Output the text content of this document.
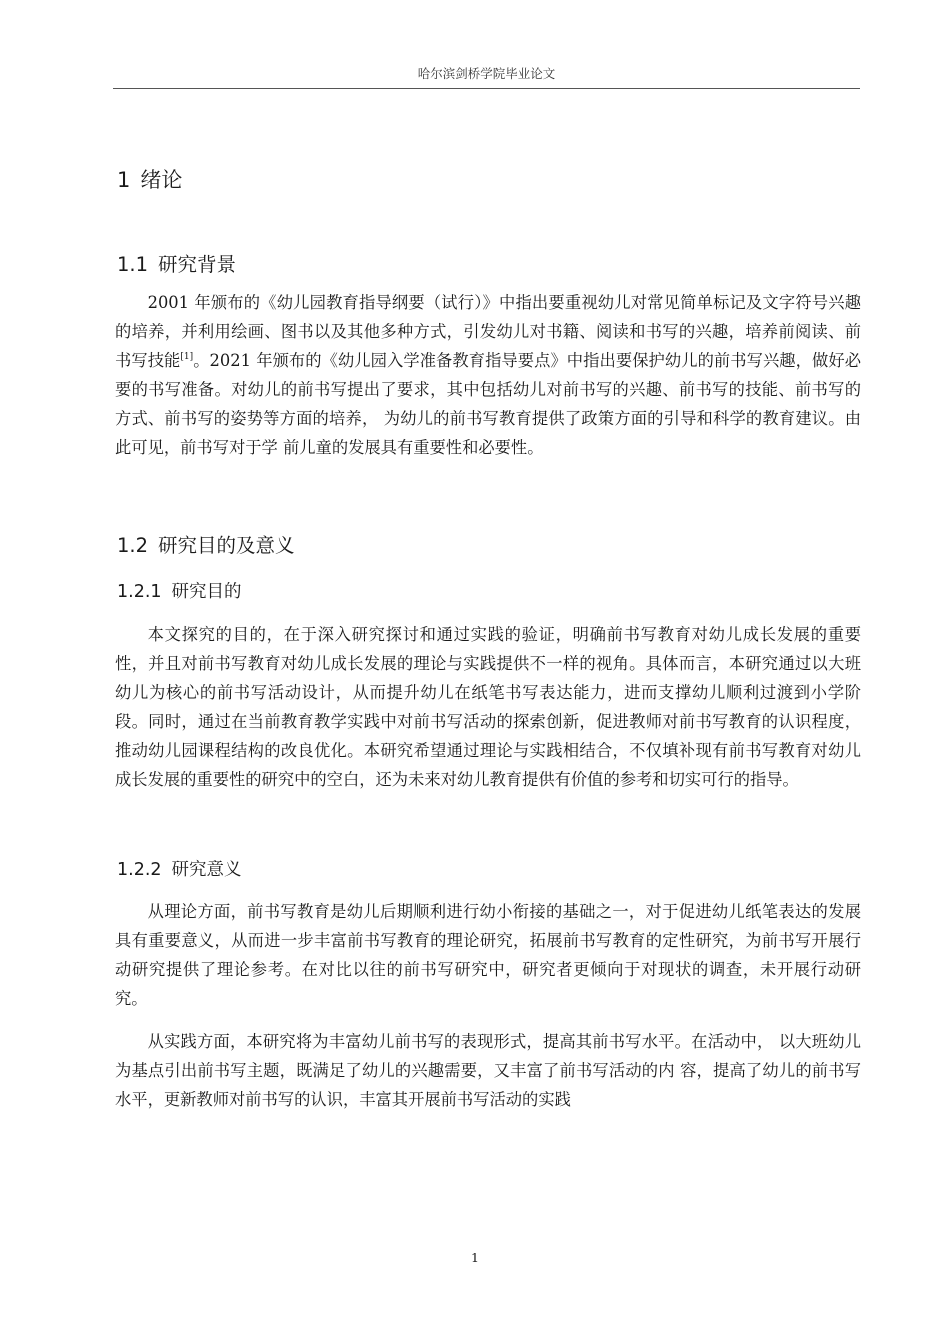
哈尔滨剑桥学院毕业论文
1 绪论
1.1 研究背景
2001 年颁布的《幼儿园教育指导纲要（试行）》中指出要重视幼儿对常见简单标记及文字符号兴趣的培养，并利用绘画、图书以及其他多种方式，引发幼儿对书籍、阅读和书写的兴趣，培养前阅读、前书写技能[1]。2021 年颁布的《幼儿园入学准备教育指导要点》中指出要保护幼儿的前书写兴趣，做好必要的书写准备。对幼儿的前书写提出了要求，其中包括幼儿对前书写的兴趣、前书写的技能、前书写的方式、前书写的姿势等方面的培养， 为幼儿的前书写教育提供了政策方面的引导和科学的教育建议。由此可见，前书写对于学 前儿童的发展具有重要性和必要性。
1.2 研究目的及意义
1.2.1 研究目的
本文探究的目的，在于深入研究探讨和通过实践的验证，明确前书写教育对幼儿成长发展的重要性，并且对前书写教育对幼儿成长发展的理论与实践提供不一样的视角。具体而言，本研究通过以大班幼儿为核心的前书写活动设计，从而提升幼儿在纸笔书写表达能力，进而支撑幼儿顺利过渡到小学阶段。同时，通过在当前教育教学实践中对前书写活动的探索创新，促进教师对前书写教育的认识程度，推动幼儿园课程结构的改良优化。本研究希望通过理论与实践相结合，不仅填补现有前书写教育对幼儿成长发展的重要性的研究中的空白，还为未来对幼儿教育提供有价值的参考和切实可行的指导。
1.2.2 研究意义
从理论方面，前书写教育是幼儿后期顺利进行幼小衔接的基础之一，对于促进幼儿纸笔表达的发展具有重要意义，从而进一步丰富前书写教育的理论研究，拓展前书写教育的定性研究，为前书写开展行动研究提供了理论参考。在对比以往的前书写研究中，研究者更倾向于对现状的调查，未开展行动研究。
从实践方面，本研究将为丰富幼儿前书写的表现形式，提高其前书写水平。在活动中， 以大班幼儿为基点引出前书写主题，既满足了幼儿的兴趣需要，又丰富了前书写活动的内 容，提高了幼儿的前书写水平，更新教师对前书写的认识，丰富其开展前书写活动的实践
1
